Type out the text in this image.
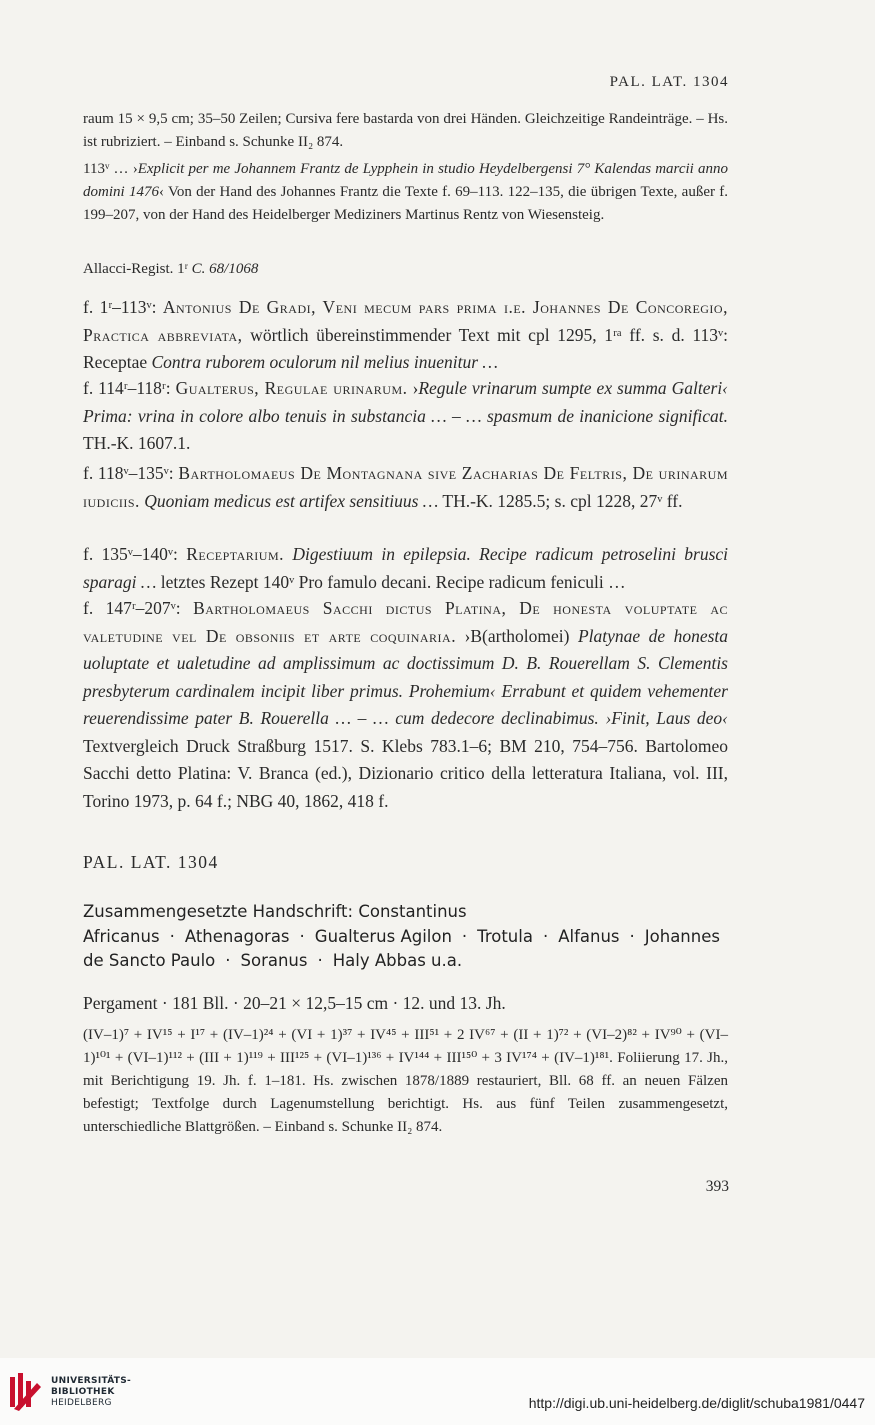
PAL. LAT. 1304
raum 15 × 9,5 cm; 35–50 Zeilen; Cursiva fere bastarda von drei Händen. Gleichzeitige Randeinträge. – Hs. ist rubriziert. – Einband s. Schunke II₂ 874.
113ᵛ … ›Explicit per me Johannem Frantz de Lypphein in studio Heydelbergensi 7° Kalendas marcii anno domini 1476‹ Von der Hand des Johannes Frantz die Texte f. 69–113. 122–135, die übrigen Texte, außer f. 199–207, von der Hand des Heidelberger Mediziners Martinus Rentz von Wiesensteig.
Allacci-Regist. 1ʳ C. 68/1068
f. 1ʳ–113ᵛ: Antonius De Gradi, Veni mecum pars prima i.e. Johannes De Concoregio, Practica abbreviata, wörtlich übereinstimmender Text mit cpl 1295, 1ʳᵃ ff. s. d. 113ᵛ: Receptae Contra ruborem oculorum nil melius inuenitur …
f. 114ʳ–118ʳ: Gualterus, Regulae urinarum. ›Regule vrinarum sumpte ex summa Galteri‹ Prima: vrina in colore albo tenuis in substancia … – … spasmum de inanicione significat. TH.-K. 1607.1.
f. 118ᵛ–135ᵛ: Bartholomaeus De Montagnana sive Zacharias De Feltris, De urinarum iudiciis. Quoniam medicus est artifex sensitiuus … TH.-K. 1285.5; s. cpl 1228, 27ᵛ ff.
f. 135ᵛ–140ᵛ: Receptarium. Digestiuum in epilepsia. Recipe radicum petroselini brusci sparagi … letztes Rezept 140ᵛ Pro famulo decani. Recipe radicum feniculi …
f. 147ʳ–207ᵛ: Bartholomaeus Sacchi dictus Platina, De honesta voluptate ac valetudine vel De obsoniis et arte coquinaria. ›B(artholomei) Platynae de honesta uoluptate et ualetudine ad amplissimum ac doctissimum D. B. Rouerellam S. Clementis presbyterum cardinalem incipit liber primus. Prohemium‹ Errabunt et quidem vehementer reuerendissime pater B. Rouerella … – … cum dedecore declinabimus. ›Finit, Laus deo‹ Textvergleich Druck Straßburg 1517. S. Klebs 783.1–6; BM 210, 754–756. Bartolomeo Sacchi detto Platina: V. Branca (ed.), Dizionario critico della letteratura Italiana, vol. III, Torino 1973, p. 64 f.; NBG 40, 1862, 418 f.
PAL. LAT. 1304
Zusammengesetzte Handschrift: Constantinus Africanus · Athenagoras · Gualterus Agilon · Trotula · Alfanus · Johannes de Sancto Paulo · Soranus · Haly Abbas u.a.
Pergament · 181 Bll. · 20–21 × 12,5–15 cm · 12. und 13. Jh.
(IV–1)⁷ + IV¹⁵ + I¹⁷ + (IV–1)²⁴ + (VI + 1)³⁷ + IV⁴⁵ + III⁵¹ + 2 IV⁶⁷ + (II + 1)⁷² + (VI–2)⁸² + IV⁹⁰ + (VI–1)¹⁰¹ + (VI–1)¹¹² + (III + 1)¹¹⁹ + III¹²⁵ + (VI–1)¹³⁶ + IV¹⁴⁴ + III¹⁵⁰ + 3 IV¹⁷⁴ + (IV–1)¹⁸¹. Foliierung 17. Jh., mit Berichtigung 19. Jh. f. 1–181. Hs. zwischen 1878/1889 restauriert, Bll. 68 ff. an neuen Fälzen befestigt; Textfolge durch Lagenumstellung berichtigt. Hs. aus fünf Teilen zusammengesetzt, unterschiedliche Blattgrößen. – Einband s. Schunke II₂ 874.
393
UNIVERSITÄTS-
BIBLIOTHEK
HEIDELBERG	http://digi.ub.uni-heidelberg.de/diglit/schuba1981/0447
